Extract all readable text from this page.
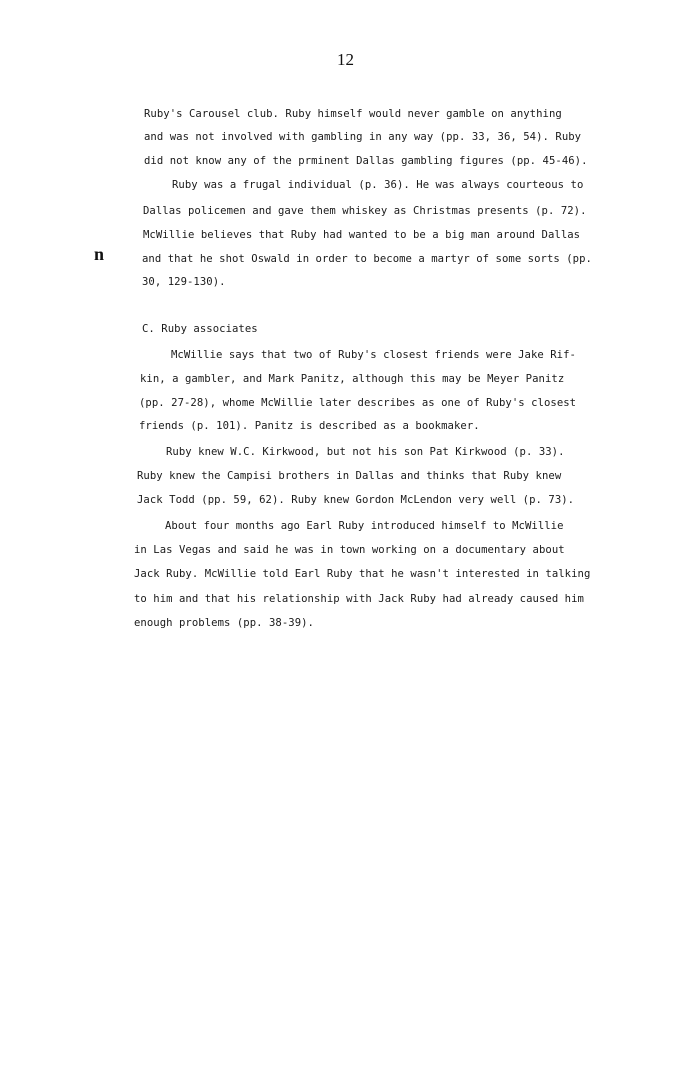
12
n
Ruby's Carousel club. Ruby himself would never gamble on anything
and was not involved with gambling in any way (pp. 33, 36, 54). Ruby
did not know any of the prminent Dallas gambling figures (pp. 45-46).
Ruby was a frugal individual (p. 36). He was always courteous to
Dallas policemen and gave them whiskey as Christmas presents (p. 72).
McWillie believes that Ruby had wanted to be a big man around Dallas
and that he shot Oswald in order to become a martyr of some sorts (pp.
30, 129-130).
C. Ruby associates
McWillie says that two of Ruby's closest friends were Jake Rif-
kin, a gambler, and Mark Panitz, although this may be Meyer Panitz
(pp. 27-28), whome McWillie later describes as one of Ruby's closest
friends (p. 101). Panitz is described as a bookmaker.
Ruby knew W.C. Kirkwood, but not his son Pat Kirkwood (p. 33).
Ruby knew the Campisi brothers in Dallas and thinks that Ruby knew
Jack Todd (pp. 59, 62). Ruby knew Gordon McLendon very well (p. 73).
About four months ago Earl Ruby introduced himself to McWillie
in Las Vegas and said he was in town working on a documentary about
Jack Ruby. McWillie told Earl Ruby that he wasn't interested in talking
to him and that his relationship with Jack Ruby had already caused him
enough problems (pp. 38-39).
